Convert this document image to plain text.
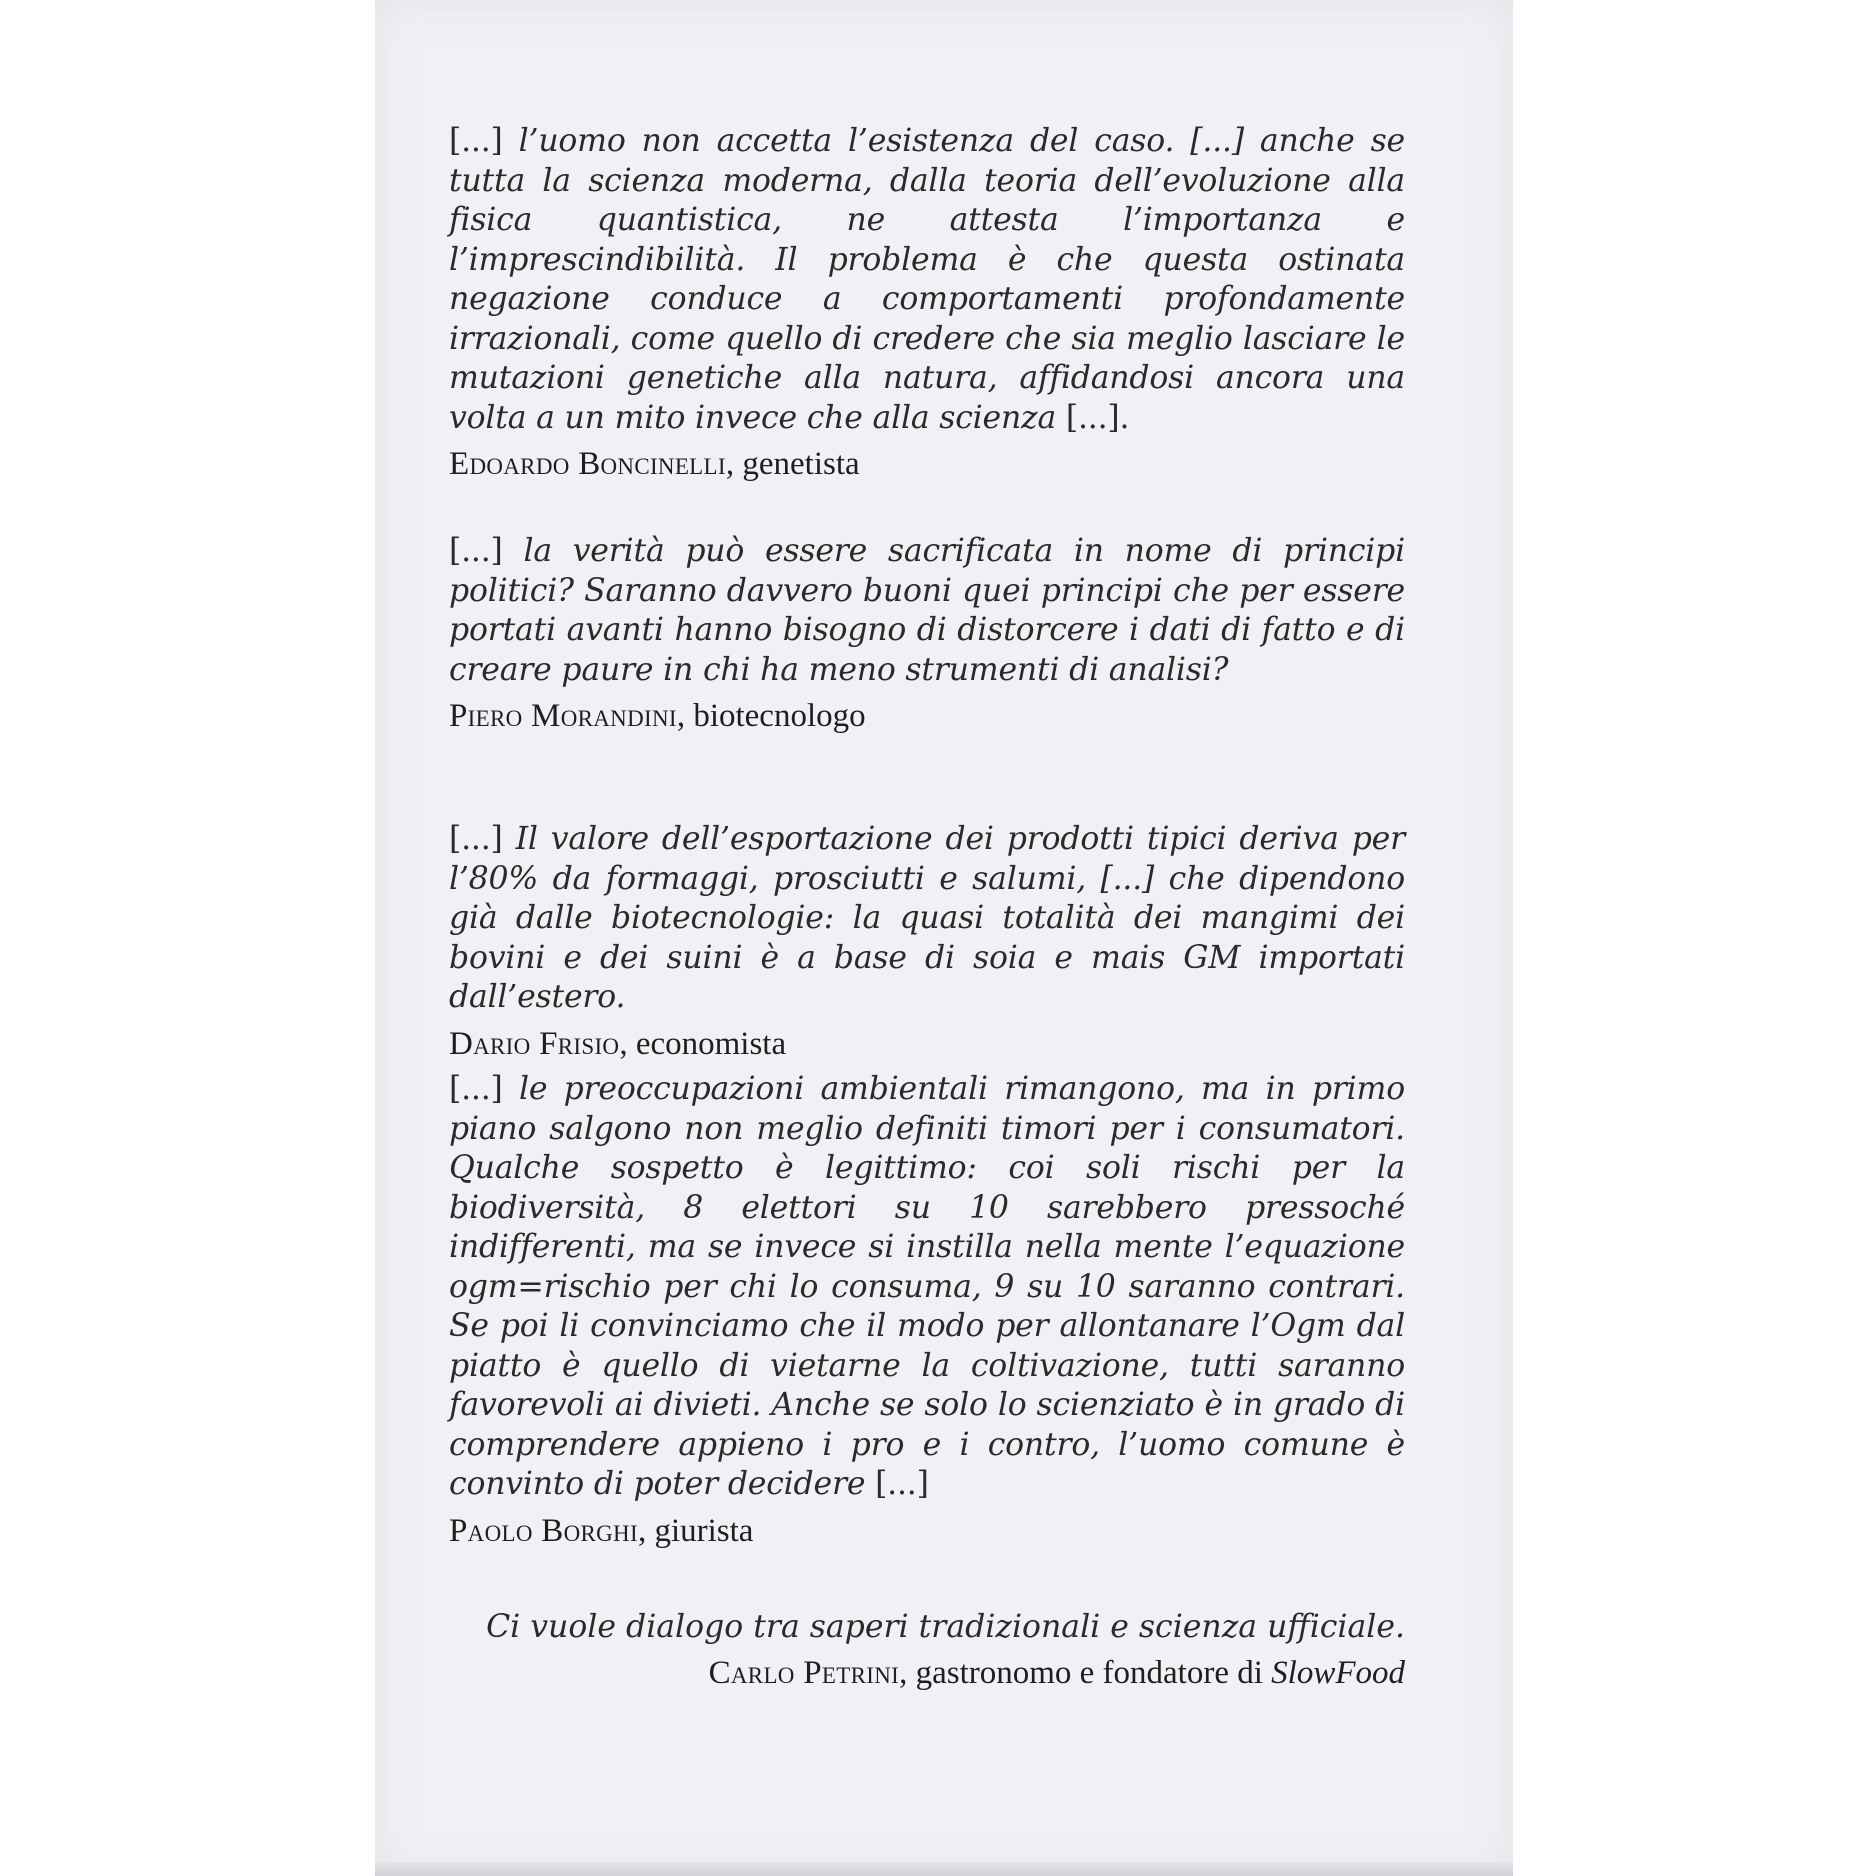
[...] l’uomo non accetta l’esistenza del caso. [...] anche se tutta la scienza moderna, dalla teoria dell’evoluzione alla fisica quantistica, ne attesta l’importanza e l’imprescindibilità. Il problema è che questa ostinata negazione conduce a comportamenti profondamente irrazionali, come quello di credere che sia meglio lasciare le mutazioni genetiche alla natura, affidandosi ancora una volta a un mito invece che alla scienza [...].

Edoardo Boncinelli, genetista

[...] la verità può essere sacrificata in nome di principi politici? Saranno davvero buoni quei principi che per essere portati avanti hanno bisogno di distorcere i dati di fatto e di creare paure in chi ha meno strumenti di analisi?

Piero Morandini, biotecnologo

[...] Il valore dell’esportazione dei prodotti tipici deriva per l’80% da formaggi, prosciutti e salumi, [...] che dipendono già dalle biotecnologie: la quasi totalità dei mangimi dei bovini e dei suini è a base di soia e mais GM importati dall’estero.

Dario Frisio, economista

[...] le preoccupazioni ambientali rimangono, ma in primo piano salgono non meglio definiti timori per i consumatori. Qualche sospetto è legittimo: coi soli rischi per la biodiversità, 8 elettori su 10 sarebbero pressoché indifferenti, ma se invece si instilla nella mente l’equazione ogm=rischio per chi lo consuma, 9 su 10 saranno contrari. Se poi li convinciamo che il modo per allontanare l’Ogm dal piatto è quello di vietarne la coltivazione, tutti saranno favorevoli ai divieti. Anche se solo lo scienziato è in grado di comprendere appieno i pro e i contro, l’uomo comune è convinto di poter decidere [...]

Paolo Borghi, giurista

Ci vuole dialogo tra saperi tradizionali e scienza ufficiale.

Carlo Petrini, gastronomo e fondatore di SlowFood
